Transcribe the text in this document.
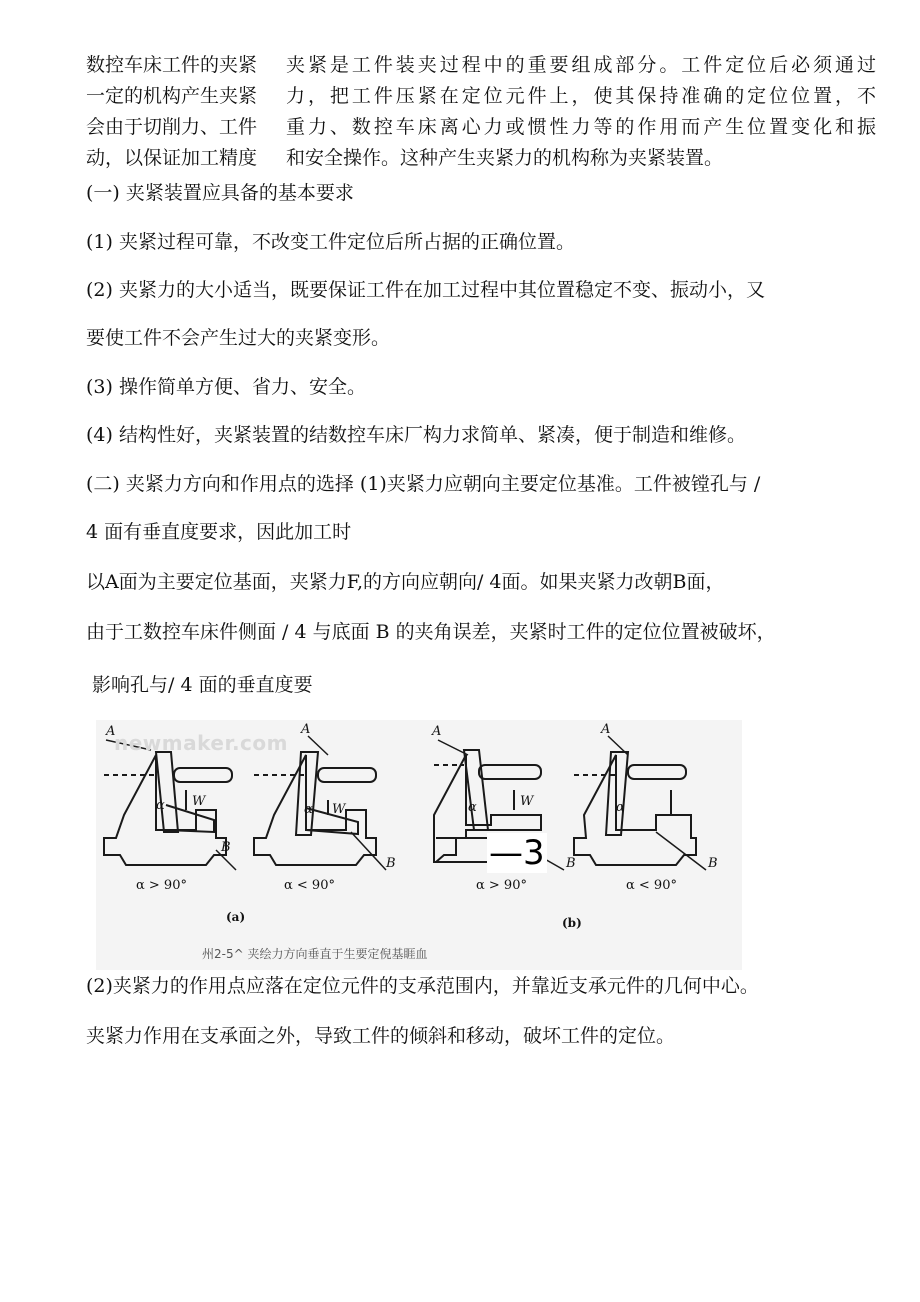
数控车床工件的夹紧	夹紧是工件装夹过程中的重要组成部分。工件定位后必须通过
一定的机构产生夹紧	力，把工件压紧在定位元件上，使其保持准确的定位位置，不
会由于切削力、工件	重力、数控车床离心力或惯性力等的作用而产生位置变化和振
动，以保证加工精度	和安全操作。这种产生夹紧力的机构称为夹紧装置。
(一) 夹紧装置应具备的基本要求
(1) 夹紧过程可靠，不改变工件定位后所占据的正确位置。
(2) 夹紧力的大小适当，既要保证工件在加工过程中其位置稳定不变、振动小，又
要使工件不会产生过大的夹紧变形。
(3) 操作简单方便、省力、安全。
(4) 结构性好，夹紧装置的结数控车床厂构力求简单、紧凑，便于制造和维修。
(二) 夹紧力方向和作用点的选择 (1)夹紧力应朝向主要定位基准。工件被镗孔与 /
4 面有垂直度要求，因此加工时
以A面为主要定位基面，夹紧力F,的方向应朝向/ 4面。如果夹紧力改朝B面，
由于工数控车床件侧面 / 4 与底面 B 的夹角误差，夹紧时工件的定位位置被破坏，
影响孔与/ 4 面的垂直度要
A	A	A	A
α W
α W	α	W	α
B
B	B	B
α > 90°	α < 90°	α > 90°	α < 90°
(a)	(b)
newmaker.com
州2-5^ 夹绘力方向垂直于生要定倪基睚血
—3
(2)夹紧力的作用点应落在定位元件的支承范围内，并靠近支承元件的几何中心。
夹紧力作用在支承面之外，导致工件的倾斜和移动，破坏工件的定位。
